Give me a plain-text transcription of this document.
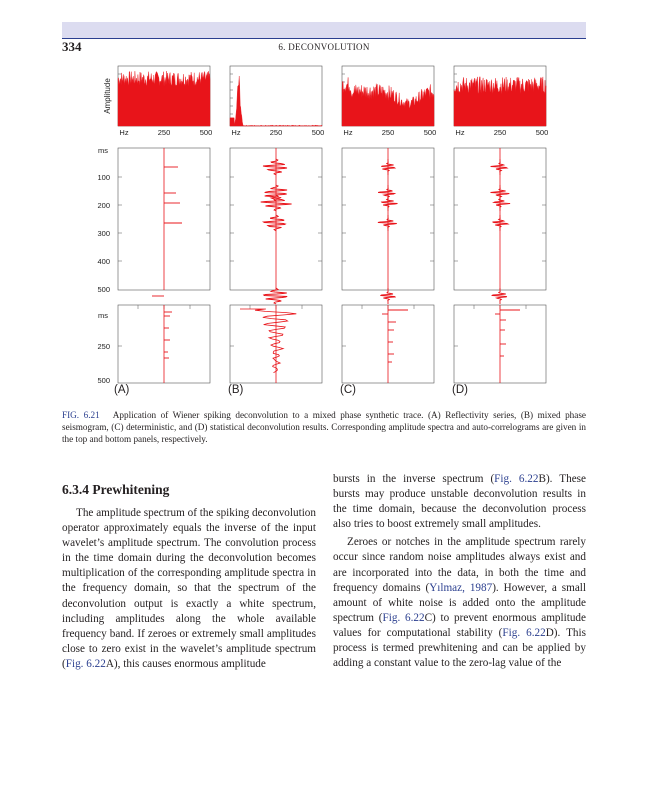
334	6. DECONVOLUTION
Amplitude
Hz	250	500	Hz	250	500	Hz	250	500	Hz	250	500
ms
100
200
300
400
500
ms
250
500
(A)	(B)	(C)	(D)
FIG. 6.21 Application of Wiener spiking deconvolution to a mixed phase synthetic trace. (A) Reflectivity series, (B) mixed phase seismogram, (C) deterministic, and (D) statistical deconvolution results. Corresponding amplitude spectra and auto-correlograms are given in the top and bottom panels, respectively.
6.3.4 Prewhitening

The amplitude spectrum of the spiking deconvolution operator approximately equals the inverse of the input wavelet’s amplitude spectrum. The convolution process in the time domain during the deconvolution becomes multiplication of the corresponding amplitude spectra in the frequency domain, so that the spectrum of the deconvolution output is exactly a white spectrum, including amplitudes along the whole available frequency band. If zeroes or extremely small amplitudes close to zero exist in the wavelet’s amplitude spectrum (Fig. 6.22A), this causes enormous amplitude

bursts in the inverse spectrum (Fig. 6.22B). These bursts may produce unstable deconvolution results in the time domain, because the deconvolution process also tries to boost extremely small amplitudes.

Zeroes or notches in the amplitude spectrum rarely occur since random noise amplitudes always exist and are incorporated into the data, in both the time and frequency domains (Yılmaz, 1987). However, a small amount of white noise is added onto the amplitude spectrum (Fig. 6.22C) to prevent enormous amplitude values for computational stability (Fig. 6.22D). This process is termed prewhitening and can be applied by adding a constant value to the zero-lag value of the
